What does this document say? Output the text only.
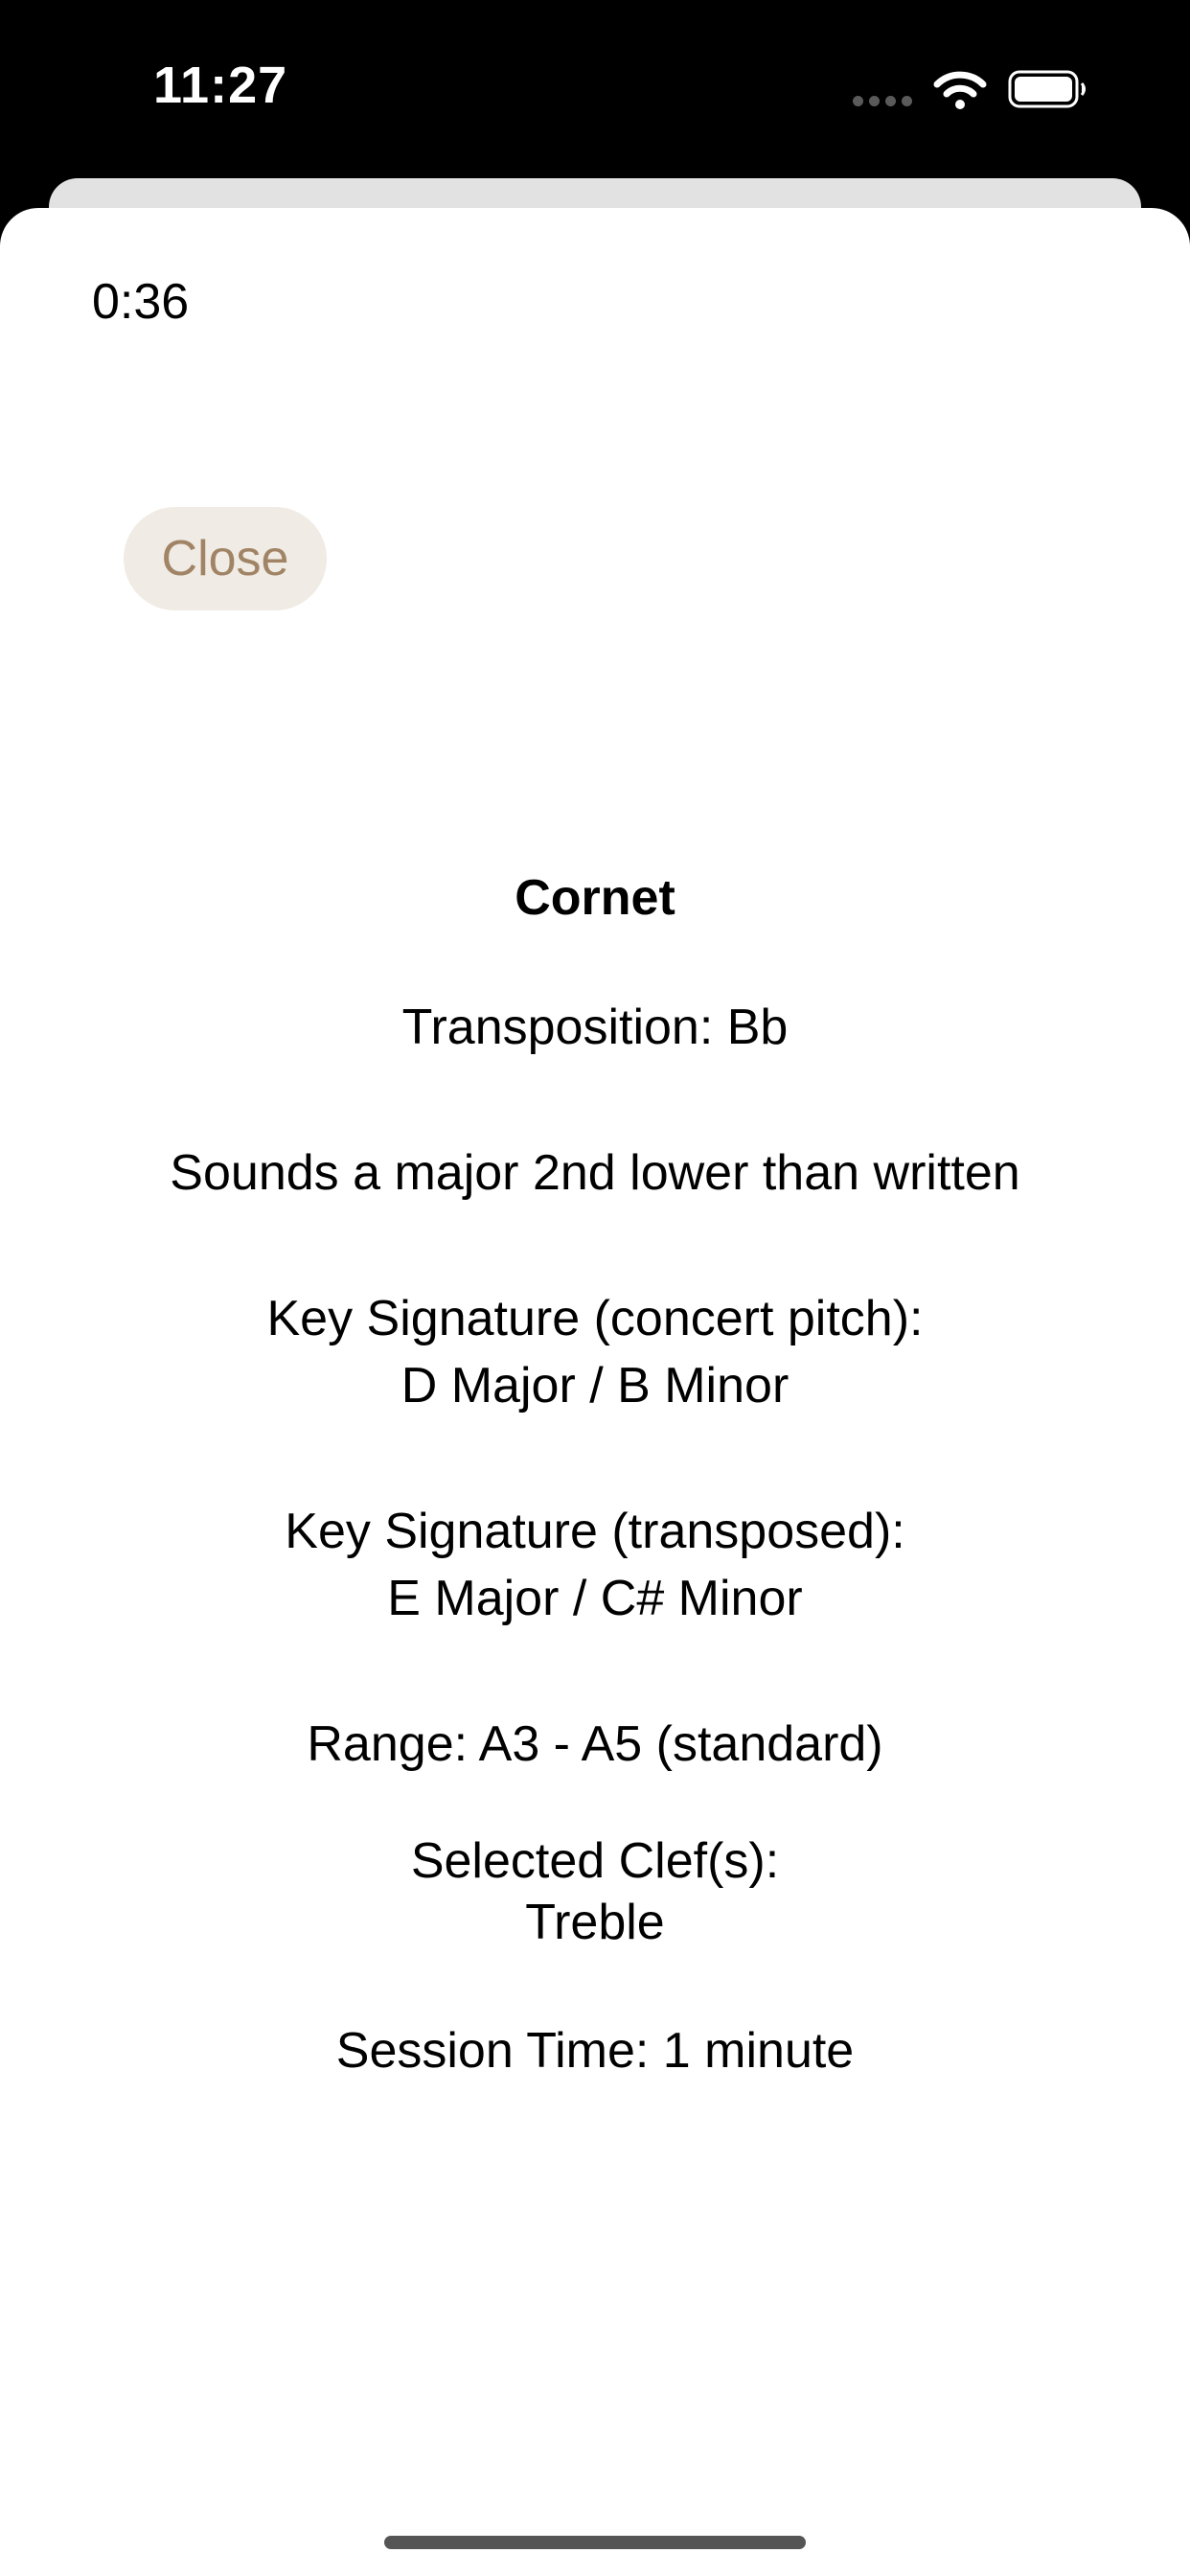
11:27
0:36
Close
Cornet
Transposition: Bb
Sounds a major 2nd lower than written
Key Signature (concert pitch):
D Major / B Minor
Key Signature (transposed):
E Major / C# Minor
Range: A3 - A5 (standard)
Selected Clef(s):
Treble
Session Time: 1 minute
